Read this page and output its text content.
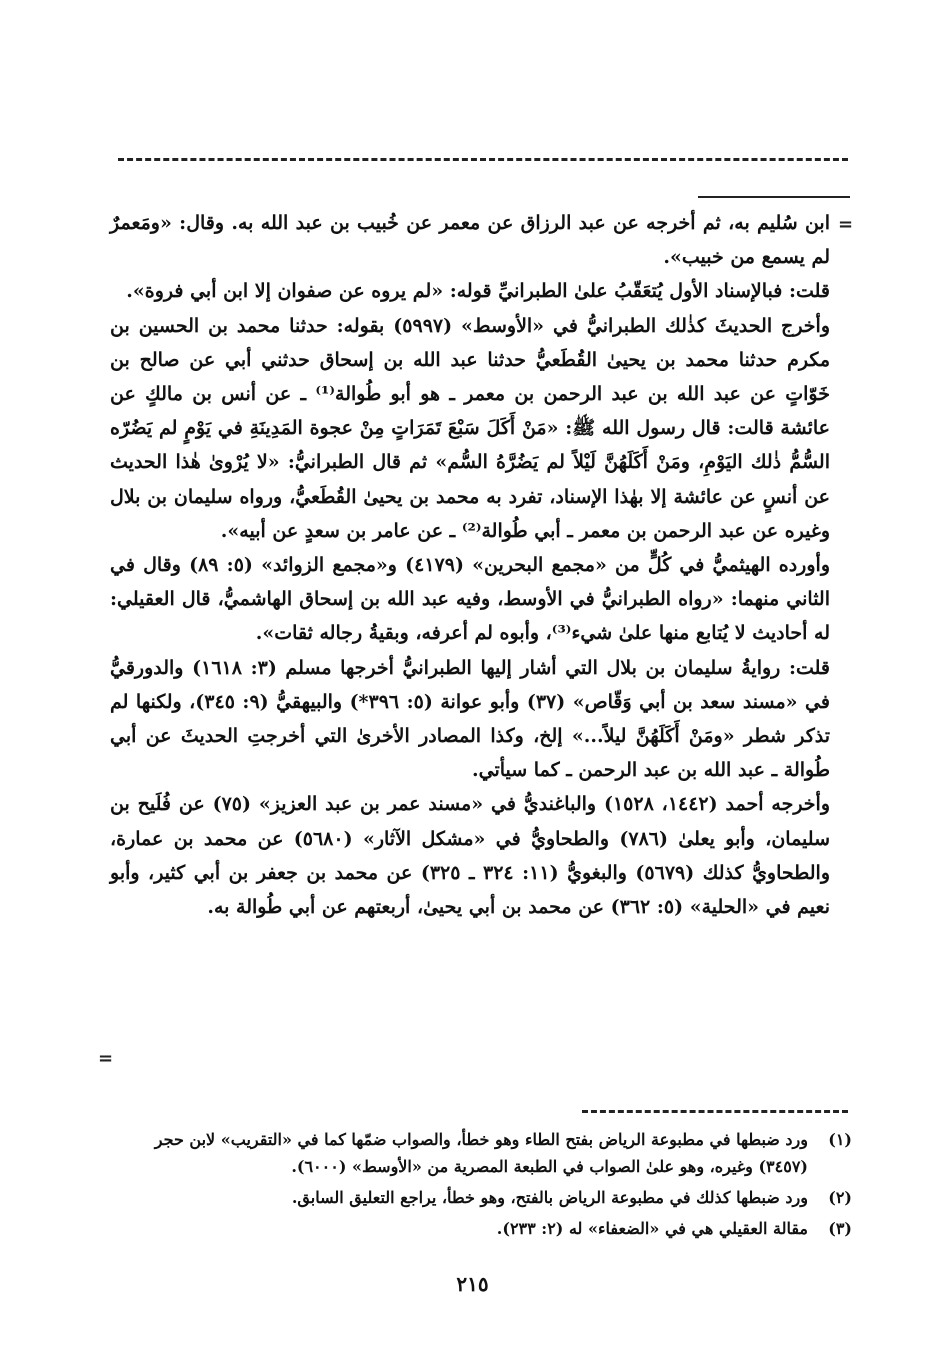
=

ابن سُليم به، ثم أخرجه عن عبد الرزاق عن معمر عن خُبيب بن عبد الله به. وقال: «ومَعمرٌ لم يسمع من خبيب».

قلت: فبالإسناد الأول يُتعَقّبُ علىٰ الطبرانيِّ قوله: «لم يروه عن صفوان إلا ابن أبي فروة».

وأخرج الحديثَ كذٰلك الطبرانيُّ في «الأوسط» (٥٩٩٧) بقوله: حدثنا محمد بن الحسين بن مكرم حدثنا محمد بن يحيىٰ القُطَعيُّ حدثنا عبد الله بن إسحاق حدثني أبي عن صالح بن خَوّاتٍ عن عبد الله بن عبد الرحمن بن معمر ـ هو أبو طُوالة⁽¹⁾ ـ عن أنس بن مالكٍ عن عائشة قالت: قال رسول الله ﷺ: «مَنْ أَكَلَ سَبْعَ تَمَرَاتٍ مِنْ عجوة المَدِينَةِ في يَوْمٍ لم يَضُرّه السُّمُّ ذٰلك اليَوْمِ، ومَنْ أَكَلَهُنَّ لَيْلاً لم يَضُرَّهُ السُّم» ثم قال الطبرانيُّ: «لا يُرْوىٰ هٰذا الحديث عن أنسٍ عن عائشة إلا بهٰذا الإسناد، تفرد به محمد بن يحيىٰ القُطَعيُّ، ورواه سليمان بن بلال وغيره عن عبد الرحمن بن معمر ـ أبي طُوالة⁽²⁾ ـ عن عامر بن سعدٍ عن أبيه».

وأورده الهيثميُّ في كُلٍّ من «مجمع البحرين» (٤١٧٩) و«مجمع الزوائد» (٥: ٨٩) وقال في الثاني منهما: «رواه الطبرانيُّ في الأوسط، وفيه عبد الله بن إسحاق الهاشميُّ، قال العقيلي: له أحاديث لا يُتابع منها علىٰ شيء⁽³⁾، وأبوه لم أعرفه، وبقيةُ رجاله ثقات».

قلت: روايةُ سليمان بن بلال التي أشار إليها الطبرانيُّ أخرجها مسلم (٣: ١٦١٨) والدورقيُّ في «مسند سعد بن أبي وَقّاص» (٣٧) وأبو عوانة (٥: ٣٩٦*) والبيهقيُّ (٩: ٣٤٥)، ولكنها لم تذكر شطر «ومَنْ أَكَلَهُنَّ ليلاً...» إلخ، وكذا المصادر الأخرىٰ التي أخرجتِ الحديثَ عن أبي طُوالة ـ عبد الله بن عبد الرحمن ـ كما سيأتي.

وأخرجه أحمد (١٤٤٢، ١٥٢٨) والباغنديُّ في «مسند عمر بن عبد العزيز» (٧٥) عن فُلَيح بن سليمان، وأبو يعلىٰ (٧٨٦) والطحاويُّ في «مشكل الآثار» (٥٦٨٠) عن محمد بن عمارة، والطحاويُّ كذلك (٥٦٧٩) والبغويُّ (١١: ٣٢٤ ـ ٣٢٥) عن محمد بن جعفر بن أبي كثير، وأبو نعيم في «الحلية» (٥: ٣٦٢) عن محمد بن أبي يحيىٰ، أربعتهم عن أبي طُوالة به.

=
(١)
ورد ضبطها في مطبوعة الرياض بفتح الطاء وهو خطأ، والصواب ضمّها كما في «التقريب» لابن حجر (٣٤٥٧) وغيره، وهو علىٰ الصواب في الطبعة المصرية من «الأوسط» (٦٠٠٠).
(٢)
ورد ضبطها كذلك في مطبوعة الرياض بالفتح، وهو خطأ، يراجع التعليق السابق.
(٣)
مقالة العقيلي هي في «الضعفاء» له (٢: ٢٣٣).
٢١٥
